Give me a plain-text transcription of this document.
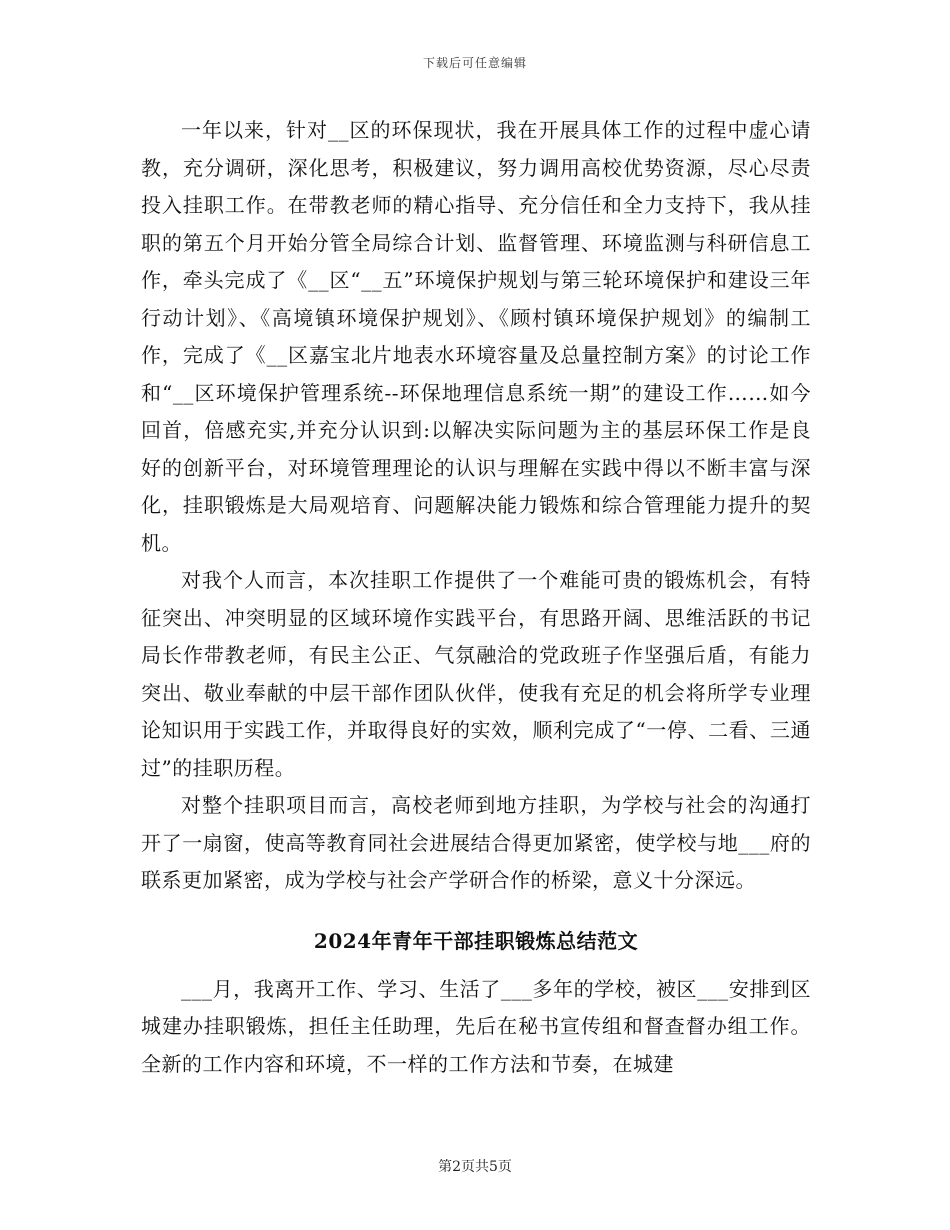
下载后可任意编辑

一年以来，针对__区的环保现状，我在开展具体工作的过程中虚心请教，充分调研，深化思考，积极建议，努力调用高校优势资源，尽心尽责投入挂职工作。在带教老师的精心指导、充分信任和全力支持下，我从挂职的第五个月开始分管全局综合计划、监督管理、环境监测与科研信息工作，牵头完成了《__区“__五”环境保护规划与第三轮环境保护和建设三年行动计划》、《高境镇环境保护规划》、《顾村镇环境保护规划》的编制工作，完成了《__区嘉宝北片地表水环境容量及总量控制方案》的讨论工作和“__区环境保护管理系统--环保地理信息系统一期”的建设工作……如今回首，倍感充实,并充分认识到:以解决实际问题为主的基层环保工作是良好的创新平台，对环境管理理论的认识与理解在实践中得以不断丰富与深化，挂职锻炼是大局观培育、问题解决能力锻炼和综合管理能力提升的契机。

对我个人而言，本次挂职工作提供了一个难能可贵的锻炼机会，有特征突出、冲突明显的区域环境作实践平台，有思路开阔、思维活跃的书记局长作带教老师，有民主公正、气氛融洽的党政班子作坚强后盾，有能力突出、敬业奉献的中层干部作团队伙伴，使我有充足的机会将所学专业理论知识用于实践工作，并取得良好的实效，顺利完成了“一停、二看、三通过”的挂职历程。

对整个挂职项目而言，高校老师到地方挂职，为学校与社会的沟通打开了一扇窗，使高等教育同社会进展结合得更加紧密，使学校与地___府的联系更加紧密，成为学校与社会产学研合作的桥梁，意义十分深远。

2024年青年干部挂职锻炼总结范文

___月，我离开工作、学习、生活了___多年的学校，被区___安排到区城建办挂职锻炼，担任主任助理，先后在秘书宣传组和督查督办组工作。全新的工作内容和环境，不一样的工作方法和节奏，在城建

第2页共5页
